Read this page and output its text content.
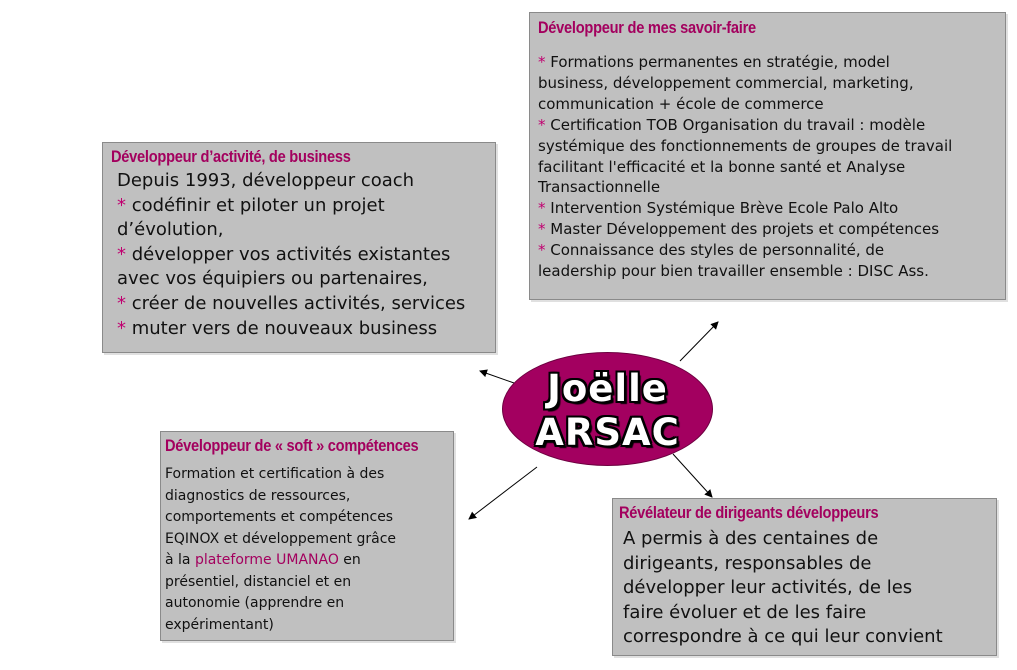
Développeur d’activité, de business
Depuis 1993, développeur coach
* codéfinir et piloter un projet
d’évolution,
* développer vos activités existantes
avec vos équipiers ou partenaires,
* créer de nouvelles activités, services
* muter vers de nouveaux business
Développeur de mes savoir-faire
* Formations permanentes en stratégie, model
business, développement commercial, marketing,
communication + école de commerce
* Certification TOB Organisation du travail : modèle
systémique des fonctionnements de groupes de travail
facilitant l'efficacité et la bonne santé et Analyse
Transactionnelle
* Intervention Systémique Brève Ecole Palo Alto
* Master Développement des projets et compétences
* Connaissance des styles de personnalité, de
leadership pour bien travailler ensemble : DISC Ass.
Joëlle
ARSAC
Développeur de « soft » compétences
Formation et certification à des
diagnostics de ressources,
comportements et compétences
EQINOX et développement grâce
à la plateforme UMANAO en
présentiel, distanciel et en
autonomie (apprendre en
expérimentant)
Révélateur de dirigeants développeurs
A permis à des centaines de
dirigeants, responsables de
développer leur activités, de les
faire évoluer et de les faire
correspondre à ce qui leur convient
